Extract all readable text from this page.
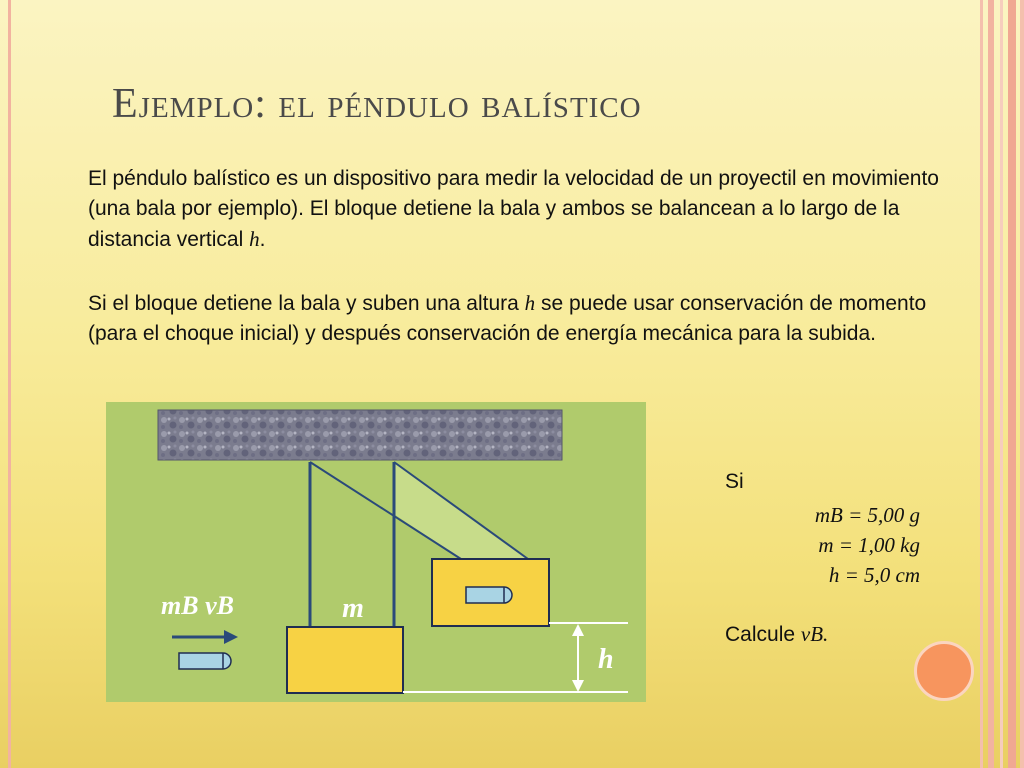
Ejemplo: el péndulo balístico

El péndulo balístico es un dispositivo para medir la velocidad de un proyectil en movimiento (una bala por ejemplo). El bloque detiene la bala y ambos se balancean a lo largo de la distancia vertical h.

Si el bloque detiene la bala y suben una altura h se puede usar conservación de momento (para el choque inicial) y después conservación de energía mecánica para la subida.

m
mB vB
h

Si

mB = 5,00 g

m = 1,00 kg

h = 5,0 cm

Calcule vB.
